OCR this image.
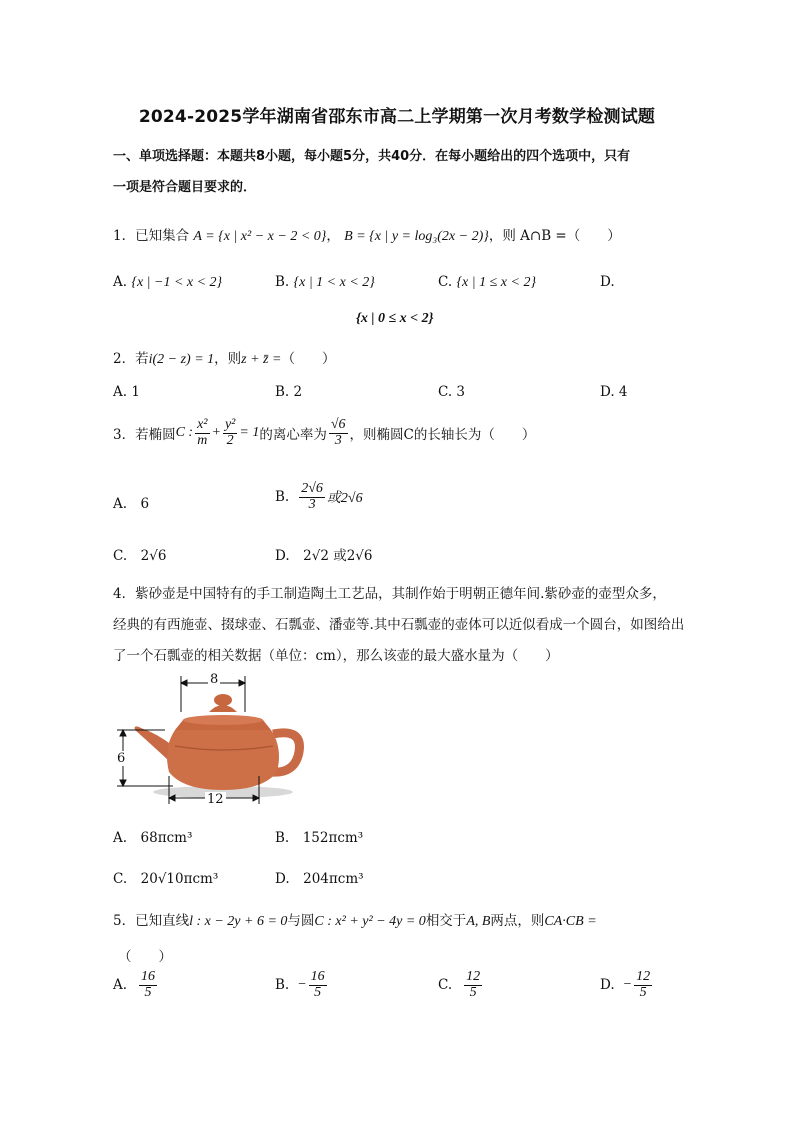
2024-2025学年湖南省邵东市高二上学期第一次月考数学检测试题
一、单项选择题：本题共8小题，每小题5分，共40分．在每小题给出的四个选项中，只有
一项是符合题目要求的．
1．已知集合 A = {x | x² − x − 2 < 0}， B = {x | y = log₃(2x − 2)}，则 A∩B =（　　）
A. {x | −1 < x < 2}	B. {x | 1 < x < 2}	C. {x | 1 ≤ x < 2}	D.
{x | 0 ≤ x < 2}
2．若i(2 − z) = 1，则z + z̄ =（　　）
A. 1	B. 2	C. 3	D. 4
3． 若椭圆 C : $\frac{\text{x²}}{m} + \frac{\text{y²}}{2} = 1$ 的离心率为 $\frac{√6}{3}$ ，则椭圆C的长轴长为（　　）
A.　6	B. $\frac{2√6}{3}$ 或2√6
C.　2√6	D.　2√2 或2√6
4．紫砂壶是中国特有的手工制造陶土工艺品，其制作始于明朝正德年间.紫砂壶的壶型众多，
经典的有西施壶、掇球壶、石瓢壶、潘壶等.其中石瓢壶的壶体可以近似看成一个圆台，如图给出
了一个石瓢壶的相关数据（单位：cm），那么该壶的最大盛水量为（　　）
8
6
12
A.　68πcm³	B.　152πcm³
C.　20√10πcm³	D.　204πcm³
5．已知直线l : x − 2y + 6 = 0与圆C : x² + y² − 4y = 0相交于A, B两点，则CA·CB =
（　　）
A. $\frac{16}{5}$	B. − $\frac{16}{5}$	C. $\frac{12}{5}$	D. − $\frac{12}{5}$
